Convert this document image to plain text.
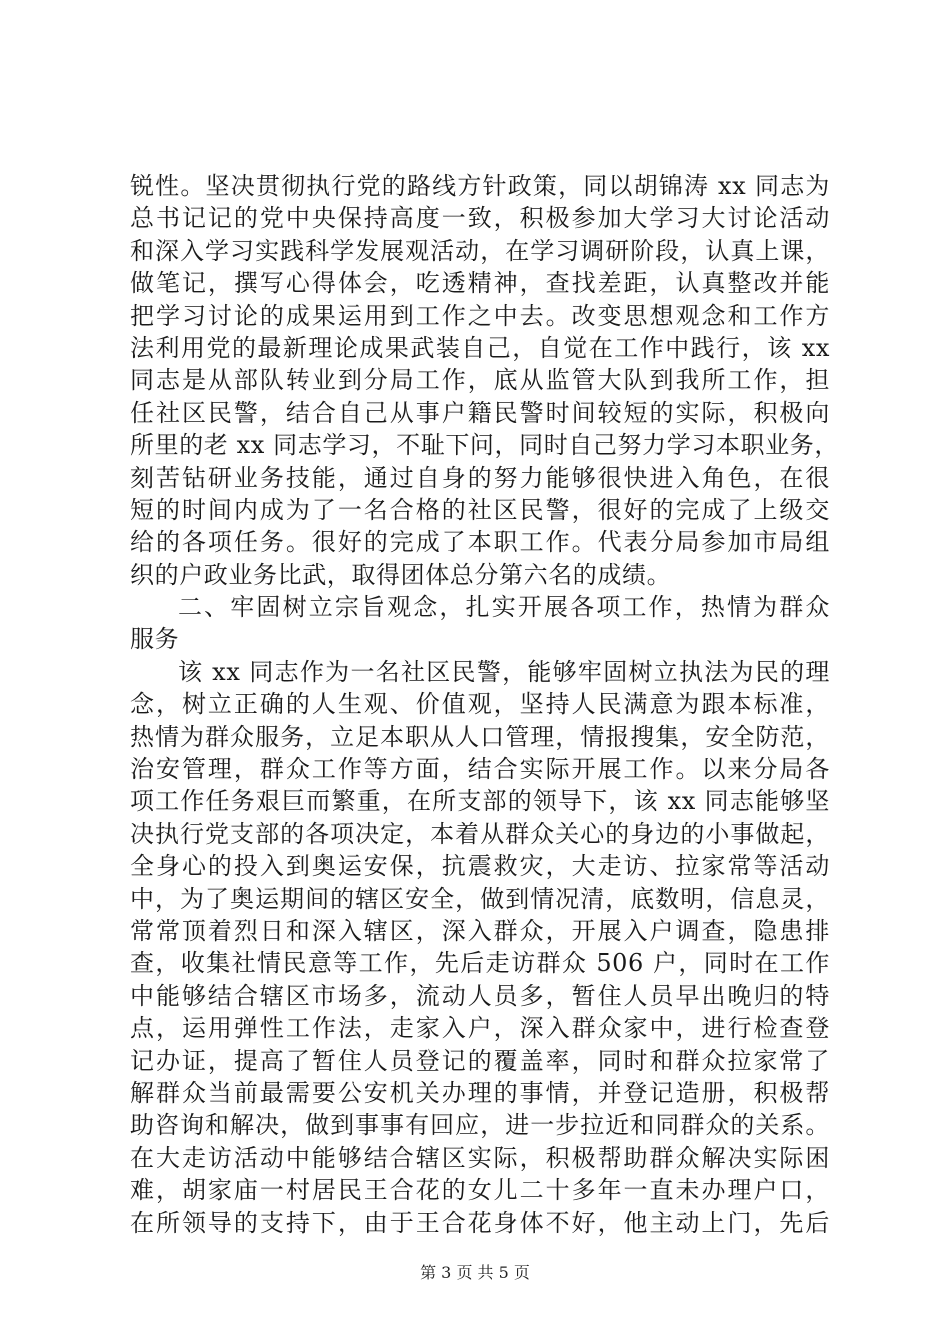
锐性。坚决贯彻执行党的路线方针政策，同以胡锦涛 xx 同志为
总书记记的党中央保持高度一致，积极参加大学习大讨论活动
和深入学习实践科学发展观活动，在学习调研阶段，认真上课，
做笔记，撰写心得体会，吃透精神，查找差距，认真整改并能
把学习讨论的成果运用到工作之中去。改变思想观念和工作方
法利用党的最新理论成果武装自己，自觉在工作中践行，该 xx
同志是从部队转业到分局工作，底从监管大队到我所工作，担
任社区民警，结合自己从事户籍民警时间较短的实际，积极向
所里的老 xx 同志学习，不耻下问，同时自己努力学习本职业务，
刻苦钻研业务技能，通过自身的努力能够很快进入角色，在很
短的时间内成为了一名合格的社区民警，很好的完成了上级交
给的各项任务。很好的完成了本职工作。代表分局参加市局组
织的户政业务比武，取得团体总分第六名的成绩。
二、牢固树立宗旨观念，扎实开展各项工作，热情为群众
服务
该 xx 同志作为一名社区民警，能够牢固树立执法为民的理
念，树立正确的人生观、价值观，坚持人民满意为跟本标准，
热情为群众服务，立足本职从人口管理，情报搜集，安全防范，
治安管理，群众工作等方面，结合实际开展工作。以来分局各
项工作任务艰巨而繁重，在所支部的领导下，该 xx 同志能够坚
决执行党支部的各项决定，本着从群众关心的身边的小事做起，
全身心的投入到奥运安保，抗震救灾，大走访、拉家常等活动
中，为了奥运期间的辖区安全，做到情况清，底数明，信息灵，
常常顶着烈日和深入辖区，深入群众，开展入户调查，隐患排
查，收集社情民意等工作，先后走访群众 506 户，同时在工作
中能够结合辖区市场多，流动人员多，暂住人员早出晚归的特
点，运用弹性工作法，走家入户，深入群众家中，进行检查登
记办证，提高了暂住人员登记的覆盖率，同时和群众拉家常了
解群众当前最需要公安机关办理的事情，并登记造册，积极帮
助咨询和解决，做到事事有回应，进一步拉近和同群众的关系。
在大走访活动中能够结合辖区实际，积极帮助群众解决实际困
难，胡家庙一村居民王合花的女儿二十多年一直未办理户口，
在所领导的支持下，由于王合花身体不好，他主动上门，先后
第 3 页 共 5 页
